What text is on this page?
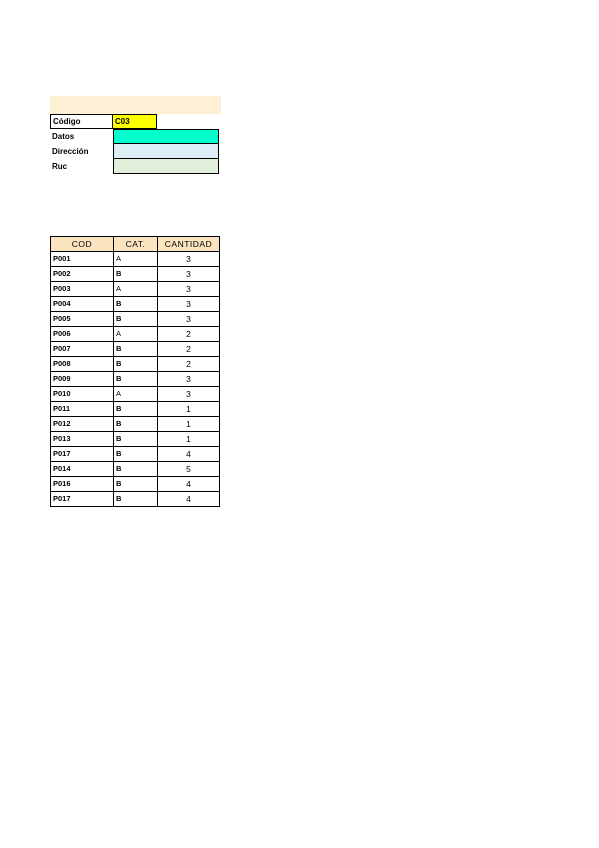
Código	C03
Datos
Dirección
Ruc
COD	CAT.	CANTIDAD
P001	A	3
P002	B	3
P003	A	3
P004	B	3
P005	B	3
P006	A	2
P007	B	2
P008	B	2
P009	B	3
P010	A	3
P011	B	1
P012	B	1
P013	B	1
P017	B	4
P014	B	5
P016	B	4
P017	B	4
